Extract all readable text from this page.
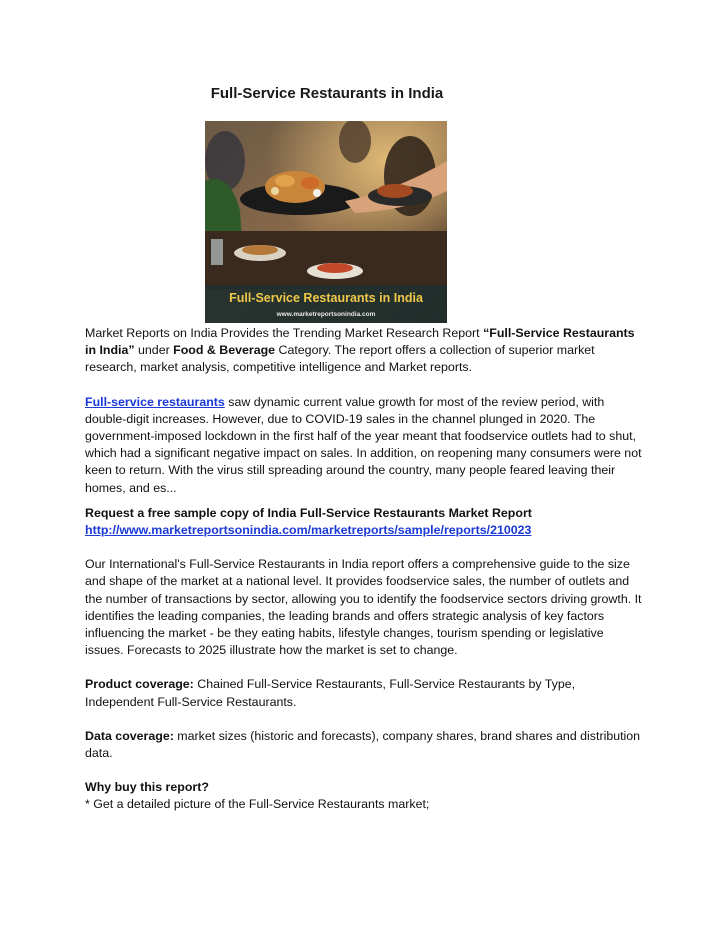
Full-Service Restaurants in India
Full-Service Restaurants in India
www.marketreportsonindia.com

Market Reports on India Provides the Trending Market Research Report “Full-Service Restaurants in India” under Food & Beverage Category. The report offers a collection of superior market research, market analysis, competitive intelligence and Market reports.

Full-service restaurants saw dynamic current value growth for most of the review period, with double-digit increases. However, due to COVID-19 sales in the channel plunged in 2020. The government-imposed lockdown in the first half of the year meant that foodservice outlets had to shut, which had a significant negative impact on sales. In addition, on reopening many consumers were not keen to return. With the virus still spreading around the country, many people feared leaving their homes, and es...

Request a free sample copy of India Full-Service Restaurants Market Report

http://www.marketreportsonindia.com/marketreports/sample/reports/210023

Our International's Full-Service Restaurants in India report offers a comprehensive guide to the size and shape of the market at a national level. It provides foodservice sales, the number of outlets and the number of transactions by sector, allowing you to identify the foodservice sectors driving growth. It identifies the leading companies, the leading brands and offers strategic analysis of key factors influencing the market - be they eating habits, lifestyle changes, tourism spending or legislative issues. Forecasts to 2025 illustrate how the market is set to change.

Product coverage: Chained Full-Service Restaurants, Full-Service Restaurants by Type, Independent Full-Service Restaurants.

Data coverage: market sizes (historic and forecasts), company shares, brand shares and distribution data.

Why buy this report?

* Get a detailed picture of the Full-Service Restaurants market;
